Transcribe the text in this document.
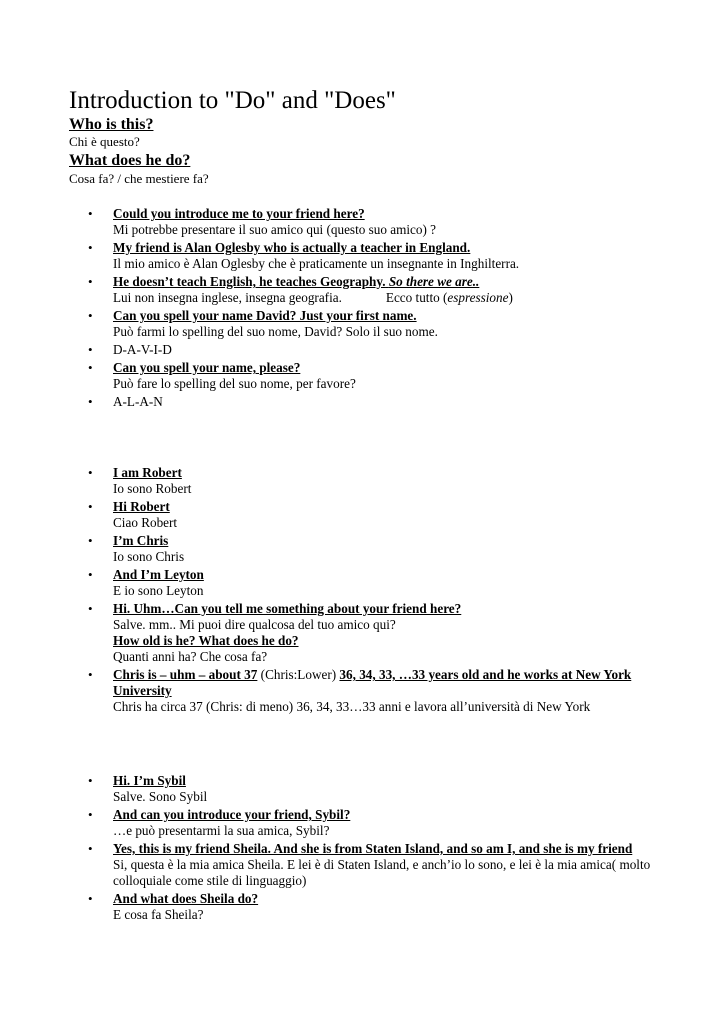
Introduction to "Do" and "Does"
Who is this?
Chi è questo?
What does he do?
Cosa fa? / che mestiere fa?
• Could you introduce me to your friend here?
Mi potrebbe presentare il suo amico qui (questo suo amico) ?
• My friend is Alan Oglesby who is actually a teacher in England.
Il mio amico è Alan Oglesby che è praticamente un insegnante in Inghilterra.
• He doesn’t teach English, he teaches Geography. So there we are..
Lui non insegna inglese, insegna geografia.	Ecco tutto (espressione)
• Can you spell your name David? Just your first name.
Può farmi lo spelling del suo nome, David? Solo il suo nome.
• D-A-V-I-D
• Can you spell your name, please?
Può fare lo spelling del suo nome, per favore?
• A-L-A-N
• I am Robert
Io sono Robert
• Hi Robert
Ciao Robert
• I’m Chris
Io sono Chris
• And I’m Leyton
E io sono Leyton
• Hi. Uhm…Can you tell me something about your friend here?
Salve. mm.. Mi puoi dire qualcosa del tuo amico qui?
How old is he? What does he do?
Quanti anni ha? Che cosa fa?
• Chris is – uhm – about 37 (Chris:Lower) 36, 34, 33, …33 years old and he works at New York University
Chris ha circa 37 (Chris: di meno) 36, 34, 33…33 anni e lavora all’università di New York
• Hi. I’m Sybil
Salve. Sono Sybil
• And can you introduce your friend, Sybil?
…e può presentarmi la sua amica, Sybil?
• Yes, this is my friend Sheila. And she is from Staten Island, and so am I, and she is my friend
Si, questa è la mia amica Sheila. E lei è di Staten Island, e anch’io lo sono, e lei è la mia amica( molto colloquiale come stile di linguaggio)
• And what does Sheila do?
E cosa fa Sheila?
